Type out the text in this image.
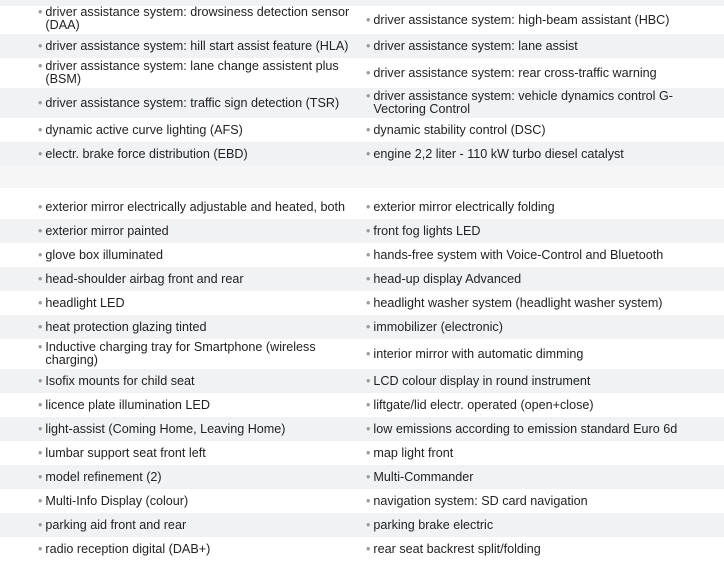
• driver assistance system: drowsiness detection sensor (DAA)	• driver assistance system: high-beam assistant (HBC)
• driver assistance system: hill start assist feature (HLA) • driver assistance system: lane assist
• driver assistance system: lane change assistent plus (BSM)	• driver assistance system: rear cross-traffic warning
• driver assistance system: traffic sign detection (TSR) • driver assistance system: vehicle dynamics control G-Vectoring Control
• dynamic active curve lighting (AFS)	• dynamic stability control (DSC)
• electr. brake force distribution (EBD)	• engine 2,2 liter - 110 kW turbo diesel catalyst
• exterior mirror electrically adjustable and heated, both • exterior mirror electrically folding
• exterior mirror painted	• front fog lights LED
• glove box illuminated	• hands-free system with Voice-Control and Bluetooth
• head-shoulder airbag front and rear	• head-up display Advanced
• headlight LED	• headlight washer system (headlight washer system)
• heat protection glazing tinted	• immobilizer (electronic)
• Inductive charging tray for Smartphone (wireless charging)	• interior mirror with automatic dimming
• Isofix mounts for child seat	• LCD colour display in round instrument
• licence plate illumination LED	• liftgate/lid electr. operated (open+close)
• light-assist (Coming Home, Leaving Home)	• low emissions according to emission standard Euro 6d
• lumbar support seat front left	• map light front
• model refinement (2)	• Multi-Commander
• Multi-Info Display (colour)	• navigation system: SD card navigation
• parking aid front and rear	• parking brake electric
• radio reception digital (DAB+)	• rear seat backrest split/folding
